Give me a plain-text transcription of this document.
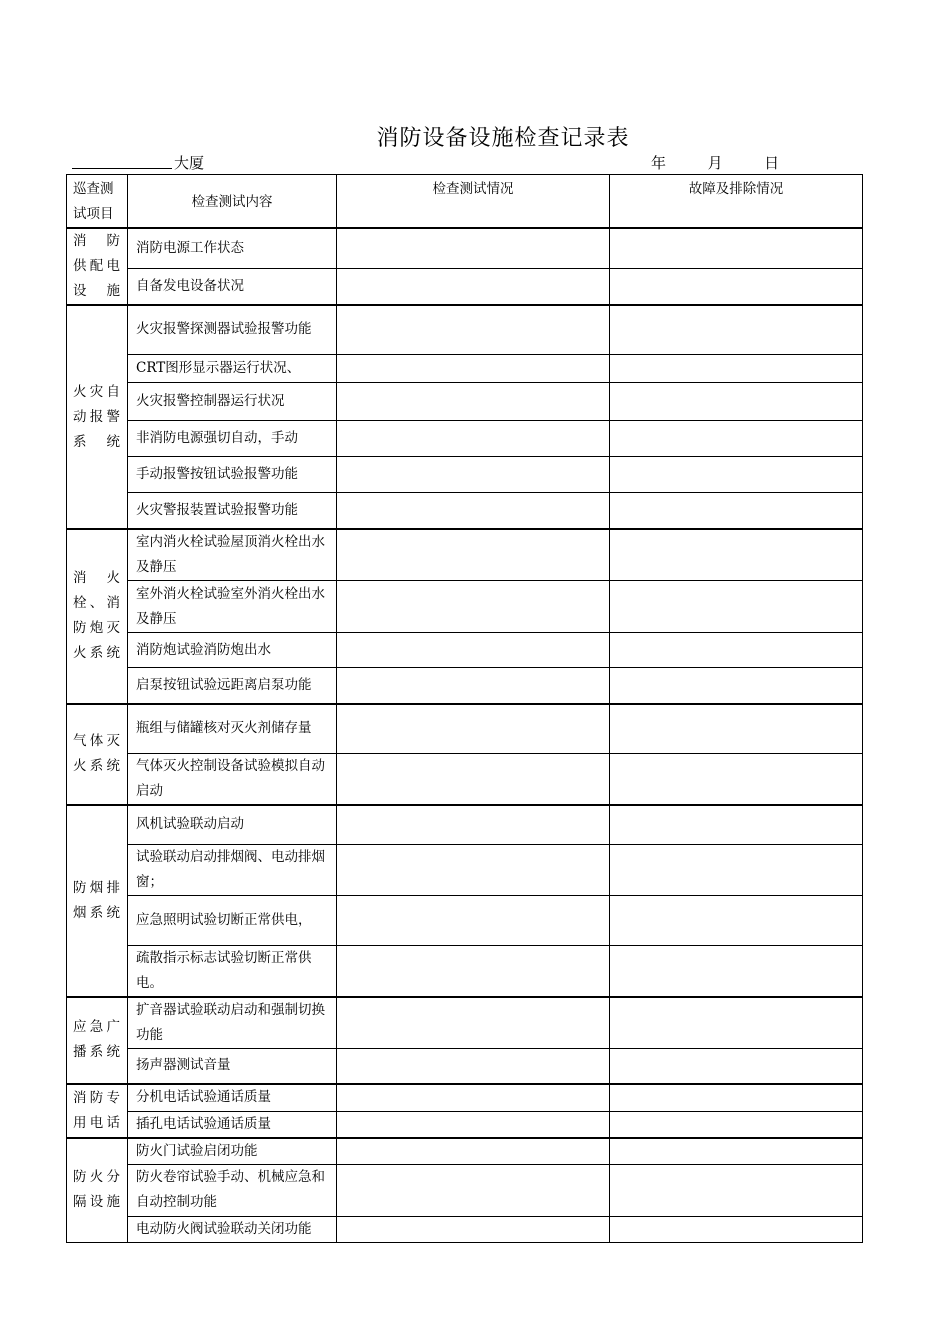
消防设备设施检查记录表
大厦	年	月	日
巡查测试项目	检查测试内容	检查测试情况	故障及排除情况
消 防 供配电 设 施	消防电源工作状态		
	自备发电设备状况		
火灾自动报警系 统	火灾报警探测器试验报警功能		
	CRT图形显示器运行状况、		
	火灾报警控制器运行状况		
	非消防电源强切自动，手动		
	手动报警按钮试验报警功能		
	火灾警报装置试验报警功能		
消 火 栓、消 防炮灭 火系统	室内消火栓试验屋顶消火栓出水及静压		
	室外消火栓试验室外消火栓出水及静压		
	消防炮试验消防炮出水		
	启泵按钮试验远距离启泵功能		
气体灭火系统	瓶组与储罐核对灭火剂储存量		
	气体灭火控制设备试验模拟自动启动		
防烟排烟系统	风机试验联动启动		
	试验联动启动排烟阀、电动排烟窗；		
	应急照明试验切断正常供电，		
	疏散指示标志试验切断正常供电。		
应急广播系统	扩音器试验联动启动和强制切换功能		
	扬声器测试音量		
消防专用电话	分机电话试验通话质量		
	插孔电话试验通话质量		
防火分隔设施	防火门试验启闭功能		
	防火卷帘试验手动、机械应急和自动控制功能		
	电动防火阀试验联动关闭功能		
